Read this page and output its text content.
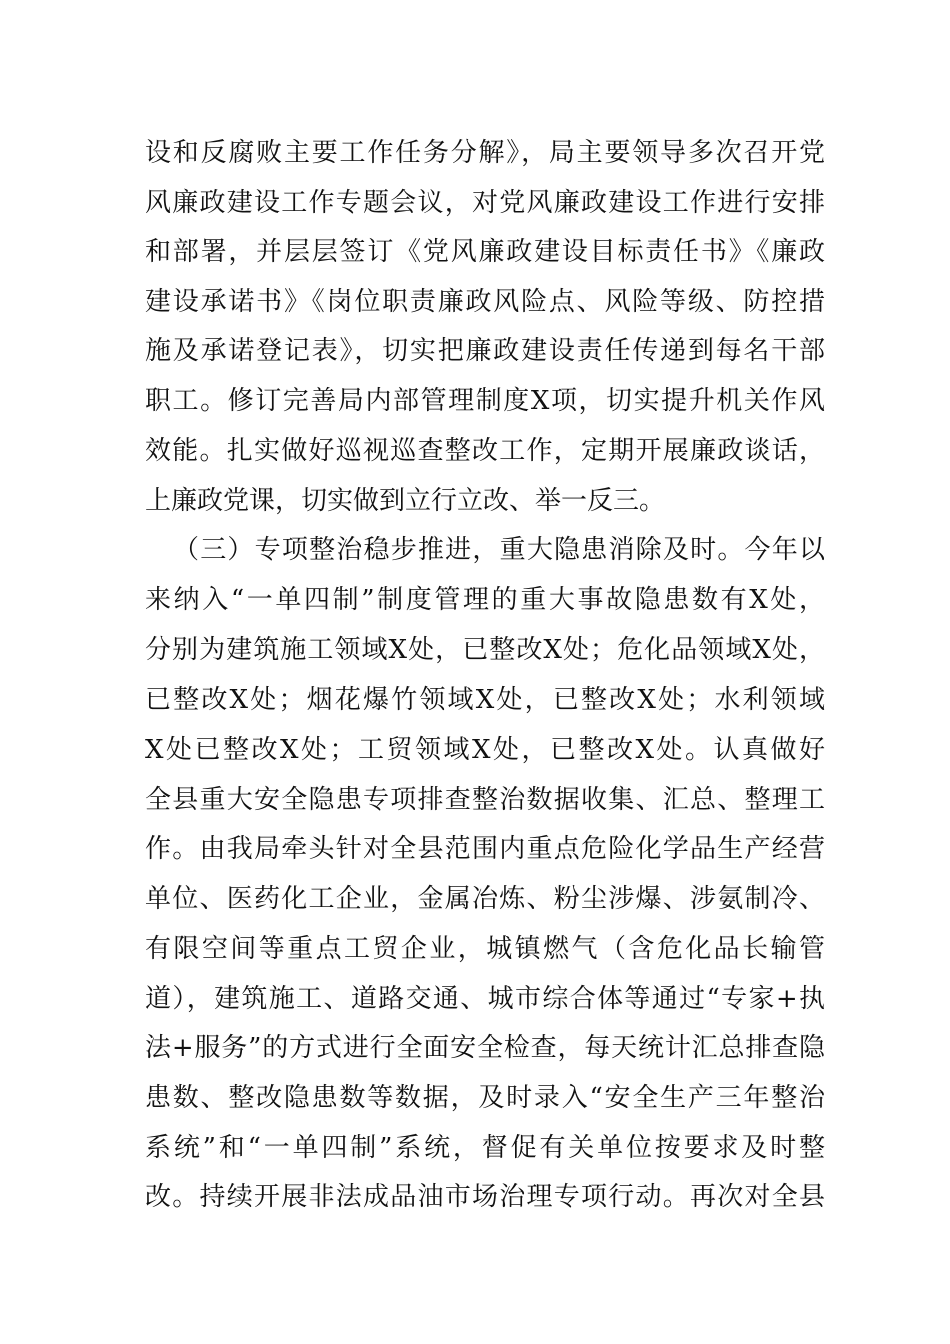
设和反腐败主要工作任务分解》，局主要领导多次召开党
风廉政建设工作专题会议，对党风廉政建设工作进行安排
和部署，并层层签订《党风廉政建设目标责任书》《廉政
建设承诺书》《岗位职责廉政风险点、风险等级、防控措
施及承诺登记表》，切实把廉政建设责任传递到每名干部
职工。修订完善局内部管理制度X项，切实提升机关作风
效能。扎实做好巡视巡查整改工作，定期开展廉政谈话，
上廉政党课，切实做到立行立改、举一反三。
（三）专项整治稳步推进，重大隐患消除及时。今年以
来纳入“一单四制”制度管理的重大事故隐患数有X处，
分别为建筑施工领域X处，已整改X处；危化品领域X处，
已整改X处；烟花爆竹领域X处，已整改X处；水利领域
X处已整改X处；工贸领域X处，已整改X处。认真做好
全县重大安全隐患专项排查整治数据收集、汇总、整理工
作。由我局牵头针对全县范围内重点危险化学品生产经营
单位、医药化工企业，金属冶炼、粉尘涉爆、涉氨制冷、
有限空间等重点工贸企业，城镇燃气（含危化品长输管
道），建筑施工、道路交通、城市综合体等通过“专家+执
法+服务”的方式进行全面安全检查，每天统计汇总排查隐
患数、整改隐患数等数据，及时录入“安全生产三年整治
系统”和“一单四制”系统，督促有关单位按要求及时整
改。持续开展非法成品油市场治理专项行动。再次对全县
